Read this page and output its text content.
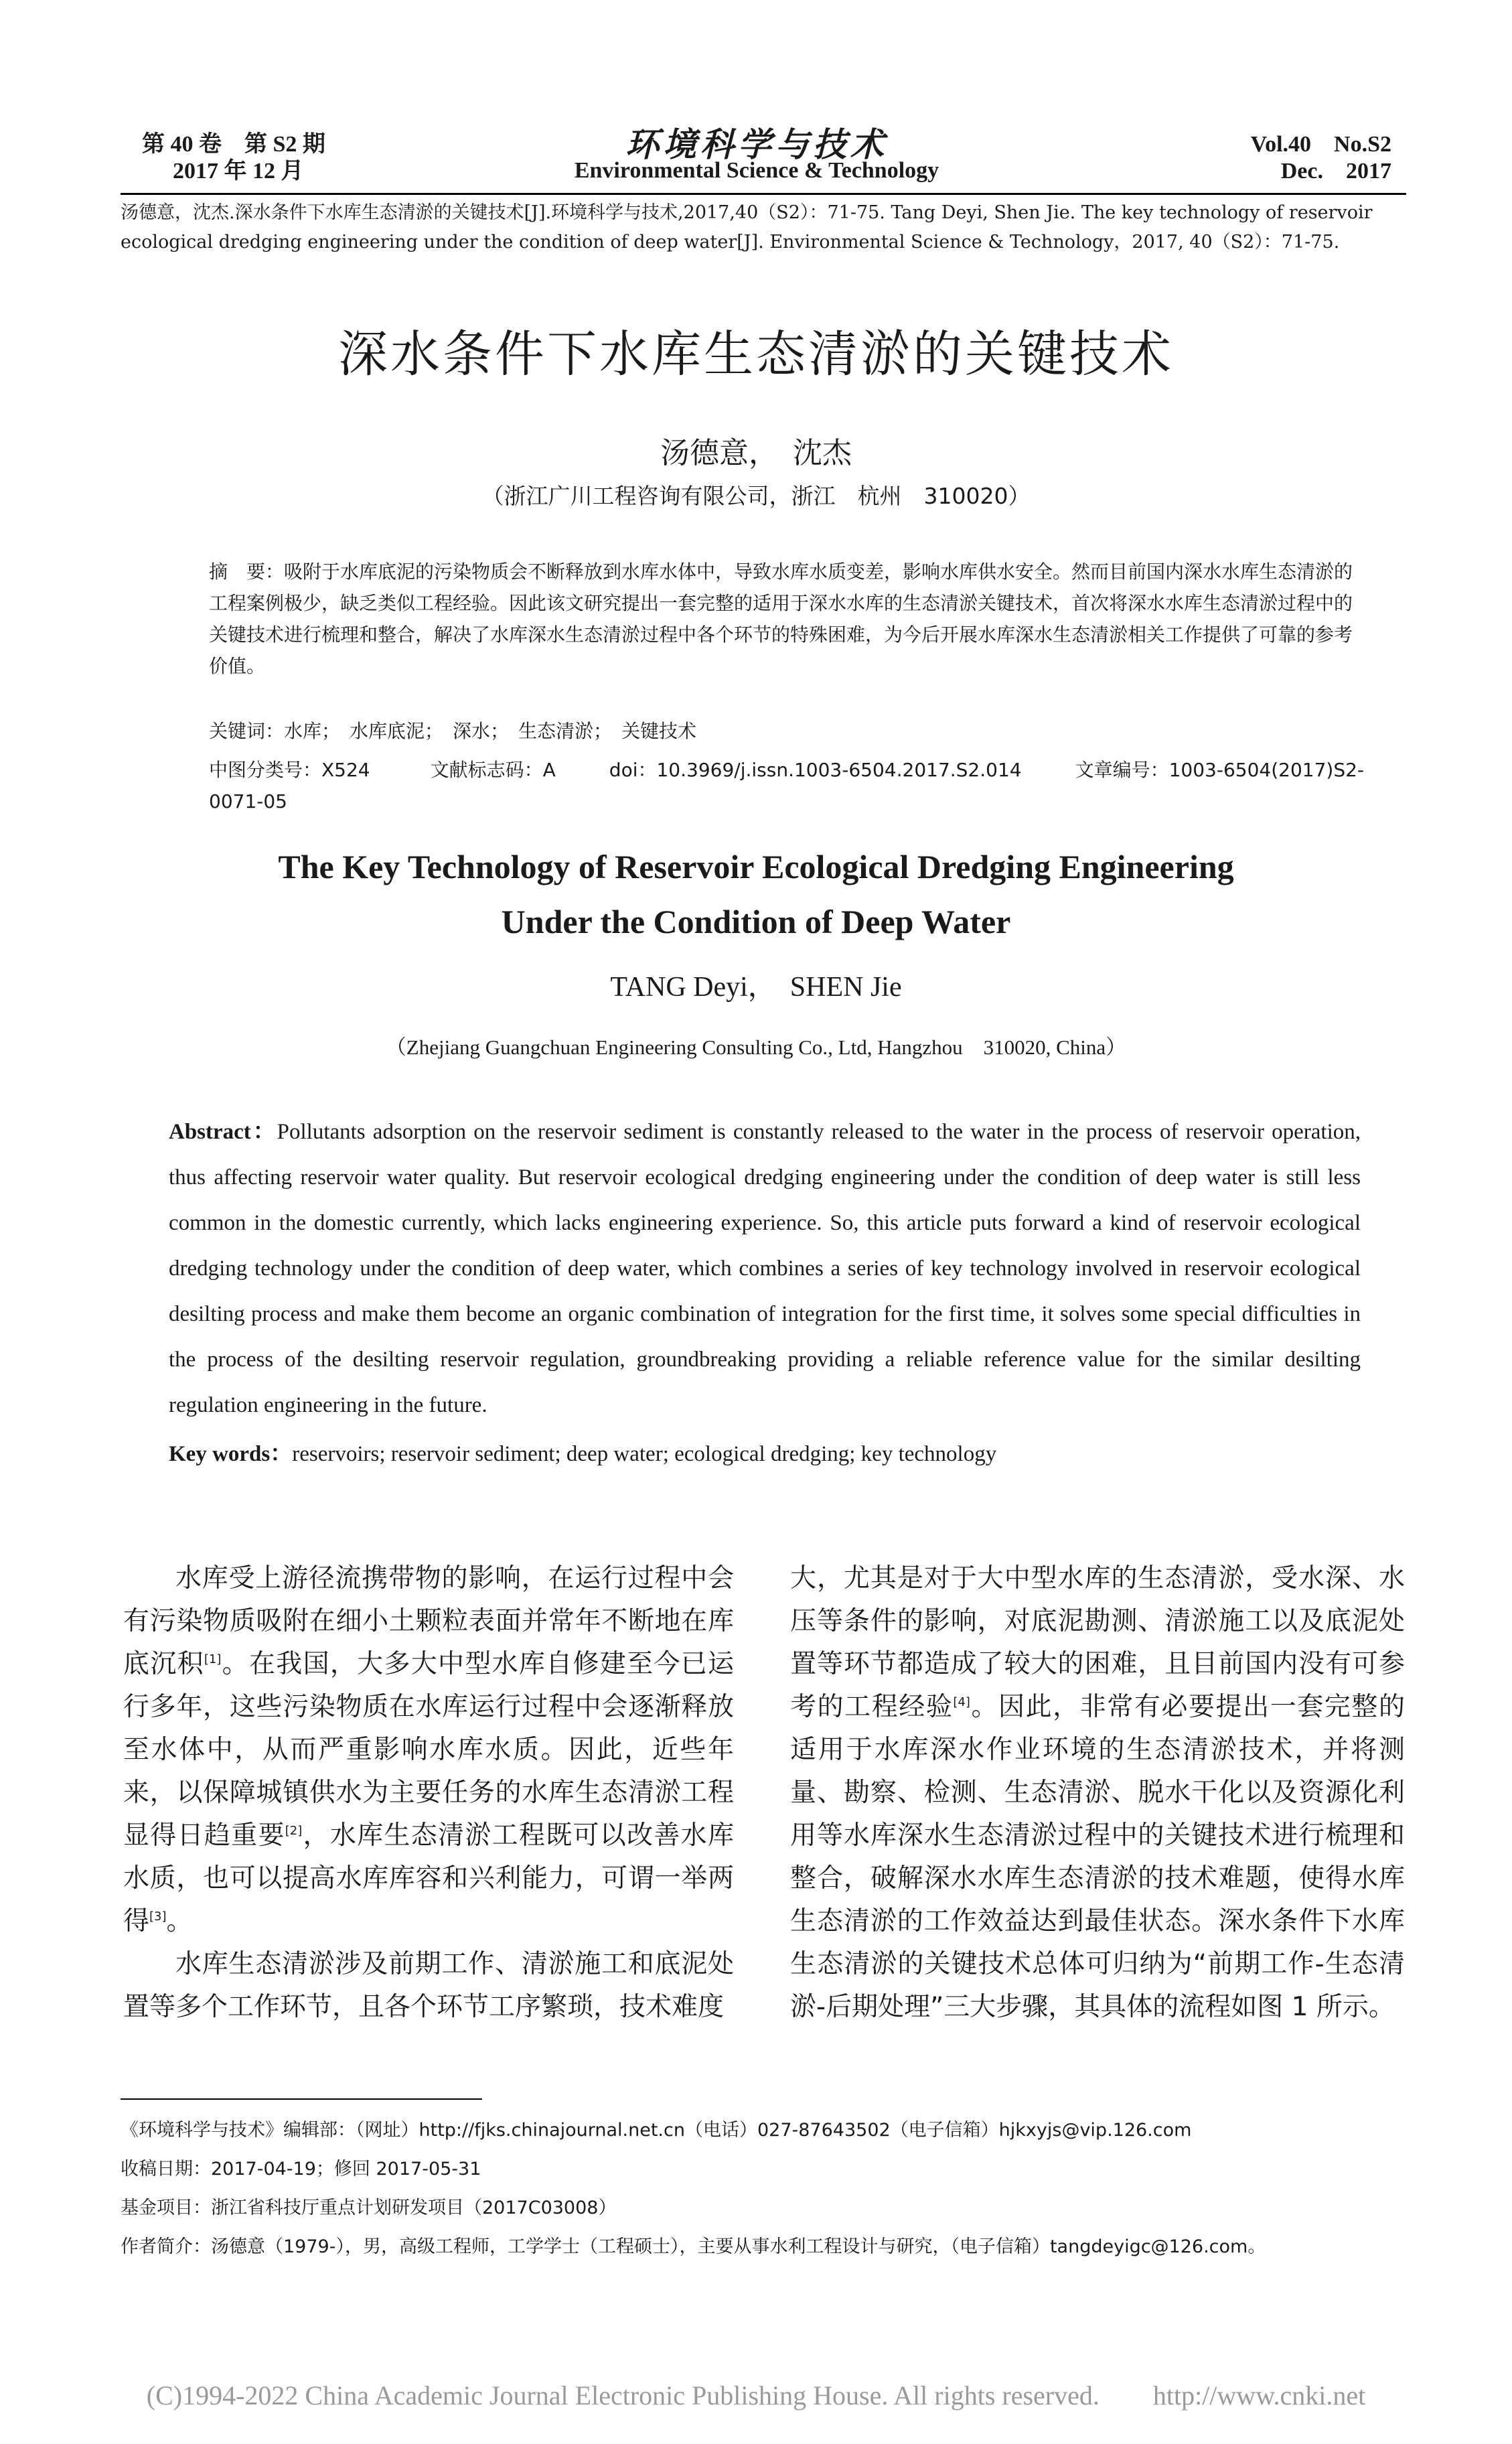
第 40 卷　第 S2 期
2017 年 12 月
环境科学与技术
Environmental Science & Technology
Vol.40　No.S2
Dec.　2017
汤德意，沈杰.深水条件下水库生态清淤的关键技术[J].环境科学与技术,2017,40（S2）：71-75. Tang Deyi, Shen Jie. The key technology of reservoir ecological dredging engineering under the condition of deep water[J]. Environmental Science & Technology，2017, 40（S2）：71-75.
深水条件下水库生态清淤的关键技术
汤德意，　沈杰
（浙江广川工程咨询有限公司，浙江　杭州　310020）
摘　要：吸附于水库底泥的污染物质会不断释放到水库水体中，导致水库水质变差，影响水库供水安全。然而目前国内深水水库生态清淤的工程案例极少，缺乏类似工程经验。因此该文研究提出一套完整的适用于深水水库的生态清淤关键技术，首次将深水水库生态清淤过程中的关键技术进行梳理和整合，解决了水库深水生态清淤过程中各个环节的特殊困难，为今后开展水库深水生态清淤相关工作提供了可靠的参考价值。
关键词：水库；　水库底泥；　深水；　生态清淤；　关键技术
中图分类号：X524	文献标志码：A	doi：10.3969/j.issn.1003-6504.2017.S2.014	文章编号：1003-6504(2017)S2-0071-05
The Key Technology of Reservoir Ecological Dredging Engineering
Under the Condition of Deep Water
TANG Deyi，　SHEN Jie
（Zhejiang Guangchuan Engineering Consulting Co., Ltd, Hangzhou　310020, China）
Abstract：Pollutants adsorption on the reservoir sediment is constantly released to the water in the process of reservoir operation, thus affecting reservoir water quality. But reservoir ecological dredging engineering under the condition of deep water is still less common in the domestic currently, which lacks engineering experience. So, this article puts forward a kind of reservoir ecological dredging technology under the condition of deep water, which combines a series of key technology involved in reservoir ecological desilting process and make them become an organic combination of integration for the first time, it solves some special difficulties in the process of the desilting reservoir regulation, groundbreaking providing a reliable reference value for the similar desilting regulation engineering in the future.
Key words：reservoirs; reservoir sediment; deep water; ecological dredging; key technology

水库受上游径流携带物的影响，在运行过程中会有污染物质吸附在细小土颗粒表面并常年不断地在库底沉积[1]。在我国，大多大中型水库自修建至今已运行多年，这些污染物质在水库运行过程中会逐渐释放至水体中，从而严重影响水库水质。因此，近些年来，以保障城镇供水为主要任务的水库生态清淤工程显得日趋重要[2]，水库生态清淤工程既可以改善水库水质，也可以提高水库库容和兴利能力，可谓一举两得[3]。

水库生态清淤涉及前期工作、清淤施工和底泥处置等多个工作环节，且各个环节工序繁琐，技术难度

大，尤其是对于大中型水库的生态清淤，受水深、水压等条件的影响，对底泥勘测、清淤施工以及底泥处置等环节都造成了较大的困难，且目前国内没有可参考的工程经验[4]。因此，非常有必要提出一套完整的适用于水库深水作业环境的生态清淤技术，并将测量、勘察、检测、生态清淤、脱水干化以及资源化利用等水库深水生态清淤过程中的关键技术进行梳理和整合，破解深水水库生态清淤的技术难题，使得水库生态清淤的工作效益达到最佳状态。深水条件下水库生态清淤的关键技术总体可归纳为“前期工作-生态清淤-后期处理”三大步骤，其具体的流程如图 1 所示。

《环境科学与技术》编辑部：（网址）http://fjks.chinajournal.net.cn（电话）027-87643502（电子信箱）hjkxyjs@vip.126.com
收稿日期：2017-04-19；修回 2017-05-31
基金项目：浙江省科技厅重点计划研发项目（2017C03008）
作者简介：汤德意（1979-），男，高级工程师，工学学士（工程硕士），主要从事水利工程设计与研究，（电子信箱）tangdeyigc@126.com。
(C)1994-2022 China Academic Journal Electronic Publishing House. All rights reserved.　　http://www.cnki.net
